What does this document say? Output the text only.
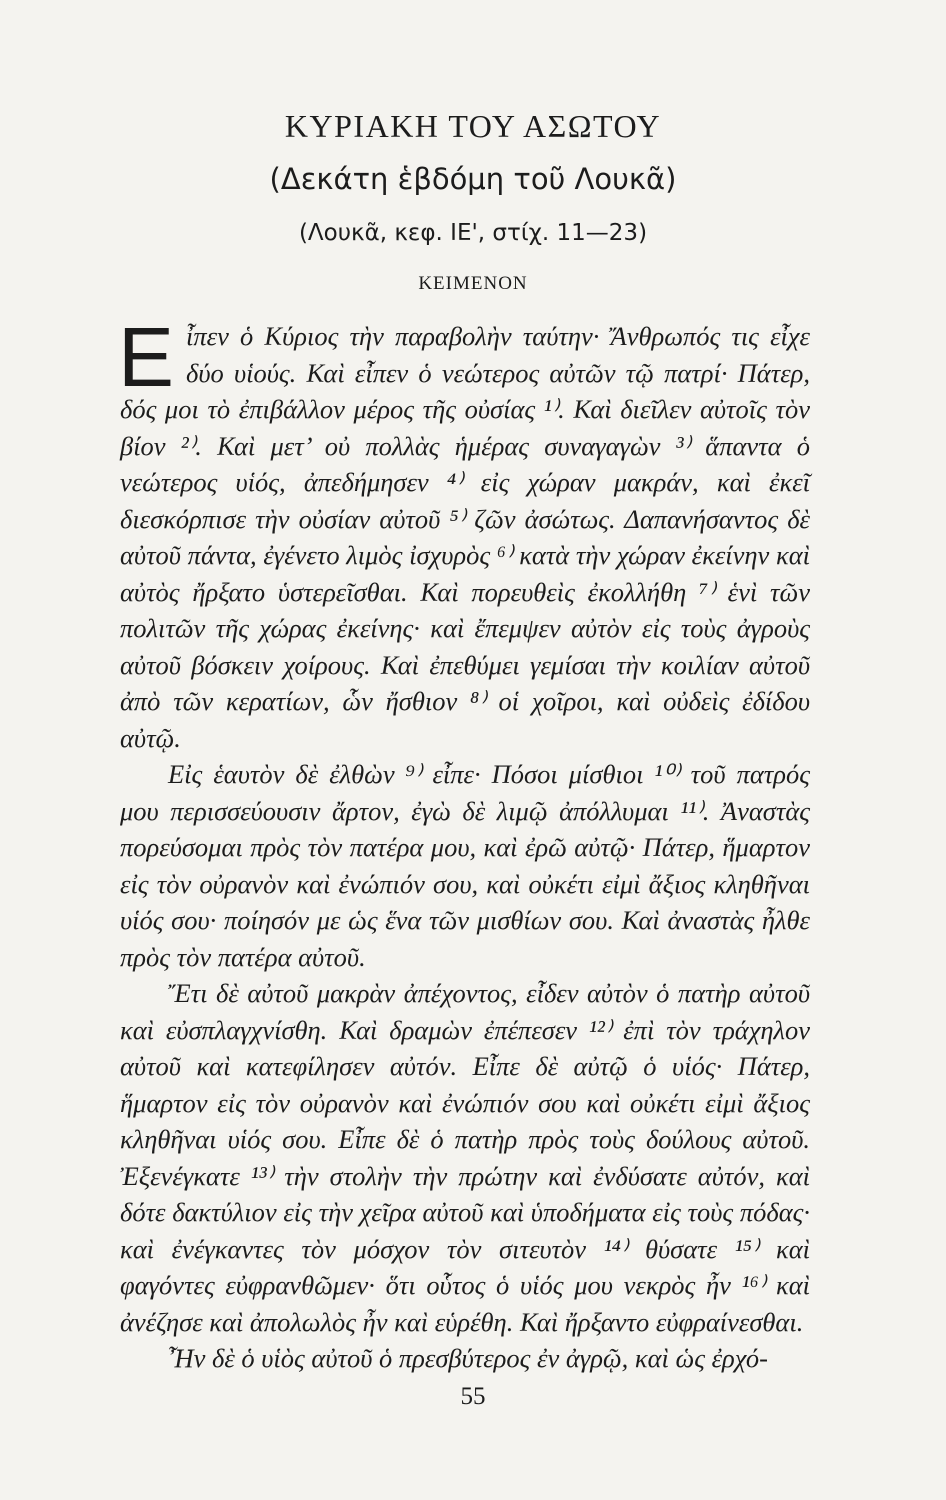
ΚΥΡΙΑΚΗ ΤΟΥ ΑΣΩΤΟΥ
(Δεκάτη ἑβδόμη τοῦ Λουκᾶ)
(Λουκᾶ, κεφ. ΙΕ', στίχ. 11—23)
ΚΕΙΜΕΝΟΝ

Εἶπεν ὁ Κύριος τὴν παραβολὴν ταύτην· Ἄνθρωπός τις εἶχε δύο υἱούς. Καὶ εἶπεν ὁ νεώτερος αὐτῶν τῷ πατρί· Πάτερ, δός μοι τὸ ἐπιβάλλον μέρος τῆς οὐσίας ¹⁾. Καὶ διεῖλεν αὐτοῖς τὸν βίον ²⁾. Καὶ μετ’ οὐ πολλὰς ἡμέρας συναγαγὼν ³⁾ ἅπαντα ὁ νεώτερος υἱός, ἀπεδήμησεν ⁴⁾ εἰς χώραν μακράν, καὶ ἐκεῖ διεσκόρπισε τὴν οὐσίαν αὐτοῦ ⁵⁾ ζῶν ἀσώτως. Δαπανήσαντος δὲ αὐτοῦ πάντα, ἐγένετο λιμὸς ἰσχυρὸς ⁶⁾ κατὰ τὴν χώραν ἐκείνην καὶ αὐτὸς ἤρξατο ὑστερεῖσθαι. Καὶ πορευθεὶς ἐκολλήθη ⁷⁾ ἑνὶ τῶν πολιτῶν τῆς χώρας ἐκείνης· καὶ ἔπεμψεν αὐτὸν εἰς τοὺς ἀγροὺς αὐτοῦ βόσκειν χοίρους. Καὶ ἐπεθύμει γεμίσαι τὴν κοιλίαν αὐτοῦ ἀπὸ τῶν κερατίων, ὧν ἤσθιον ⁸⁾ οἱ χοῖροι, καὶ οὐδεὶς ἐδίδου αὐτῷ.

Εἰς ἑαυτὸν δὲ ἐλθὼν ⁹⁾ εἶπε· Πόσοι μίσθιοι ¹⁰⁾ τοῦ πατρός μου περισσεύουσιν ἄρτον, ἐγὼ δὲ λιμῷ ἀπόλλυμαι ¹¹⁾. Ἀναστὰς πορεύσομαι πρὸς τὸν πατέρα μου, καὶ ἐρῶ αὐτῷ· Πάτερ, ἥμαρτον εἰς τὸν οὐρανὸν καὶ ἐνώπιόν σου, καὶ οὐκέτι εἰμὶ ἄξιος κληθῆναι υἱός σου· ποίησόν με ὡς ἕνα τῶν μισθίων σου. Καὶ ἀναστὰς ἦλθε πρὸς τὸν πατέρα αὐτοῦ.

Ἔτι δὲ αὐτοῦ μακρὰν ἀπέχοντος, εἶδεν αὐτὸν ὁ πατὴρ αὐτοῦ καὶ εὐσπλαγχνίσθη. Καὶ δραμὼν ἐπέπεσεν ¹²⁾ ἐπὶ τὸν τράχηλον αὐτοῦ καὶ κατεφίλησεν αὐτόν. Εἶπε δὲ αὐτῷ ὁ υἱός· Πάτερ, ἥμαρτον εἰς τὸν οὐρανὸν καὶ ἐνώπιόν σου καὶ οὐκέτι εἰμὶ ἄξιος κληθῆναι υἱός σου. Εἶπε δὲ ὁ πατὴρ πρὸς τοὺς δούλους αὐτοῦ. Ἐξενέγκατε ¹³⁾ τὴν στολὴν τὴν πρώτην καὶ ἐνδύσατε αὐτόν, καὶ δότε δακτύλιον εἰς τὴν χεῖρα αὐτοῦ καὶ ὑποδήματα εἰς τοὺς πόδας· καὶ ἐνέγκαντες τὸν μόσχον τὸν σιτευτὸν ¹⁴⁾ θύσατε ¹⁵⁾ καὶ φαγόντες εὐφρανθῶμεν· ὅτι οὗτος ὁ υἱός μου νεκρὸς ἦν ¹⁶⁾ καὶ ἀνέζησε καὶ ἀπολωλὸς ἦν καὶ εὑρέθη. Καὶ ἤρξαντο εὐφραίνεσθαι.

Ἦν δὲ ὁ υἱὸς αὐτοῦ ὁ πρεσβύτερος ἐν ἀγρῷ, καὶ ὡς ἐρχό-

55
